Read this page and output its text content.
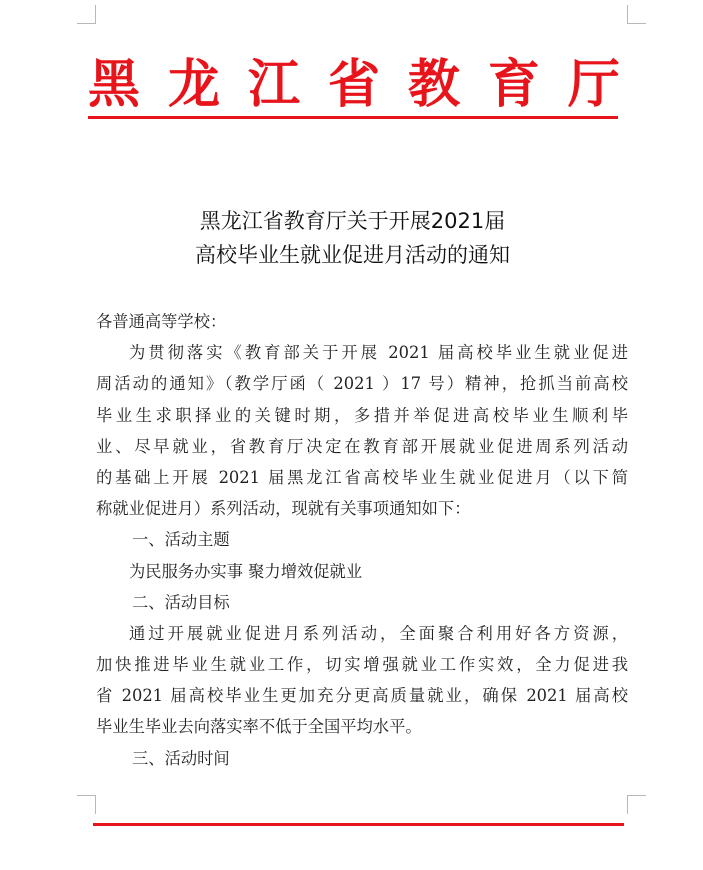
黑 龙 江 省 教 育 厅
黑龙江省教育厅关于开展2021届
高校毕业生就业促进月活动的通知
各普通高等学校：
为贯彻落实《教育部关于开展 2021 届高校毕业生就业促进
周活动的通知》（教学厅函（ 2021 ）17 号）精神，抢抓当前高校
毕业生求职择业的关键时期，多措并举促进高校毕业生顺利毕
业、尽早就业，省教育厅决定在教育部开展就业促进周系列活动
的基础上开展 2021 届黑龙江省高校毕业生就业促进月（以下简
称就业促进月）系列活动，现就有关事项通知如下：
一、活动主题
为民服务办实事 聚力增效促就业
二、活动目标
通过开展就业促进月系列活动，全面聚合利用好各方资源，
加快推进毕业生就业工作，切实增强就业工作实效，全力促进我
省 2021 届高校毕业生更加充分更高质量就业，确保 2021 届高校
毕业生毕业去向落实率不低于全国平均水平。
三、活动时间
